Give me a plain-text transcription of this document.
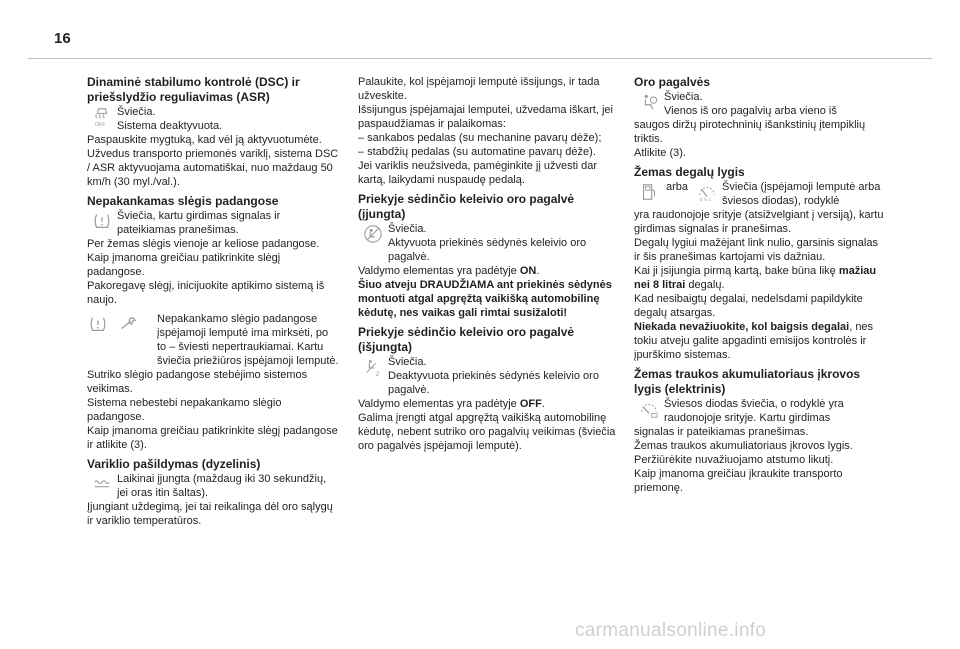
16
Dinaminė stabilumo kontrolė (DSC) ir priešslydžio reguliavimas (ASR)
OFF

Šviečia.

Sistema deaktyvuota.

Paspauskite mygtuką, kad vėl ją aktyvuotumėte. Užvedus transporto priemonės variklį, sistema DSC / ASR aktyvuojama automatiškai, nuo maždaug 50 km/h (30 myl./val.).

Nepakankamas slėgis padangose

Šviečia, kartu girdimas signalas ir pateikiamas pranešimas.

Per žemas slėgis vienoje ar keliose padangose.

Kaip įmanoma greičiau patikrinkite slėgį padangose.

Pakoregavę slėgį, inicijuokite aptikimo sistemą iš naujo.

Nepakankamo slėgio padangose įspėjamoji lemputė ima mirksėti, po to – šviesti nepertraukiamai. Kartu šviečia priežiūros įspėjamoji lemputė.

Sutriko slėgio padangose stebėjimo sistemos veikimas.

Sistema nebestebi nepakankamo slėgio padangose.

Kaip įmanoma greičiau patikrinkite slėgį padangose ir atlikite (3).

Variklio pašildymas (dyzelinis)

Laikinai įjungta (maždaug iki 30 sekundžių, jei oras itin šaltas).

Įjungiant uždegimą, jei tai reikalinga dėl oro sąlygų ir variklio temperatūros.

Palaukite, kol įspėjamoji lemputė išsijungs, ir tada užveskite.

Išsijungus įspėjamajai lemputei, užvedama iškart, jei paspaudžiamas ir palaikomas:

– sankabos pedalas (su mechanine pavarų dėže);

– stabdžių pedalas (su automatine pavarų dėže).

Jei variklis neužsiveda, pamėginkite jį užvesti dar kartą, laikydami nuspaudę pedalą.

Priekyje sėdinčio keleivio oro pagalvė (įjungta)

Šviečia.

Aktyvuota priekinės sėdynės keleivio oro pagalvė.

Valdymo elementas yra padėtyje ON.

Šiuo atveju DRAUDŽIAMA ant priekinės sėdynės montuoti atgal apgręžtą vaikišką automobilinę kėdutę, nes vaikas gali rimtai susižaloti!

Priekyje sėdinčio keleivio oro pagalvė (išjungta)
2

Šviečia.

Deaktyvuota priekinės sėdynės keleivio oro pagalvė.

Valdymo elementas yra padėtyje OFF.

Galima įrengti atgal apgręžtą vaikišką automobilinę kėdutę, nebent sutriko oro pagalvių veikimas (šviečia oro pagalvės įspėjamoji lemputė).

Oro pagalvės

Šviečia.

Vienos iš oro pagalvių arba vieno iš

saugos diržų pirotechninių išankstinių įtempiklių triktis.

Atlikite (3).

Žemas degalų lygis
arba
0 ½ 1

Šviečia (įspėjamoji lemputė arba šviesos diodas), rodyklė

yra raudonojoje srityje (atsižvelgiant į versiją), kartu girdimas signalas ir pranešimas.

Degalų lygiui mažėjant link nulio, garsinis signalas ir šis pranešimas kartojami vis dažniau.

Kai ji įsijungia pirmą kartą, bake būna likę mažiau nei 8 litrai degalų.

Kad nesibaigtų degalai, nedelsdami papildykite degalų atsargas.

Niekada nevažiuokite, kol baigsis degalai, nes tokiu atveju galite apgadinti emisijos kontrolės ir įpurškimo sistemas.

Žemas traukos akumuliatoriaus įkrovos lygis (elektrinis)

Šviesos diodas šviečia, o rodyklė yra raudonojoje srityje. Kartu girdimas

signalas ir pateikiamas pranešimas.

Žemas traukos akumuliatoriaus įkrovos lygis.

Peržiūrėkite nuvažiuojamo atstumo likutį.

Kaip įmanoma greičiau įkraukite transporto priemonę.

carmanualsonline.info
